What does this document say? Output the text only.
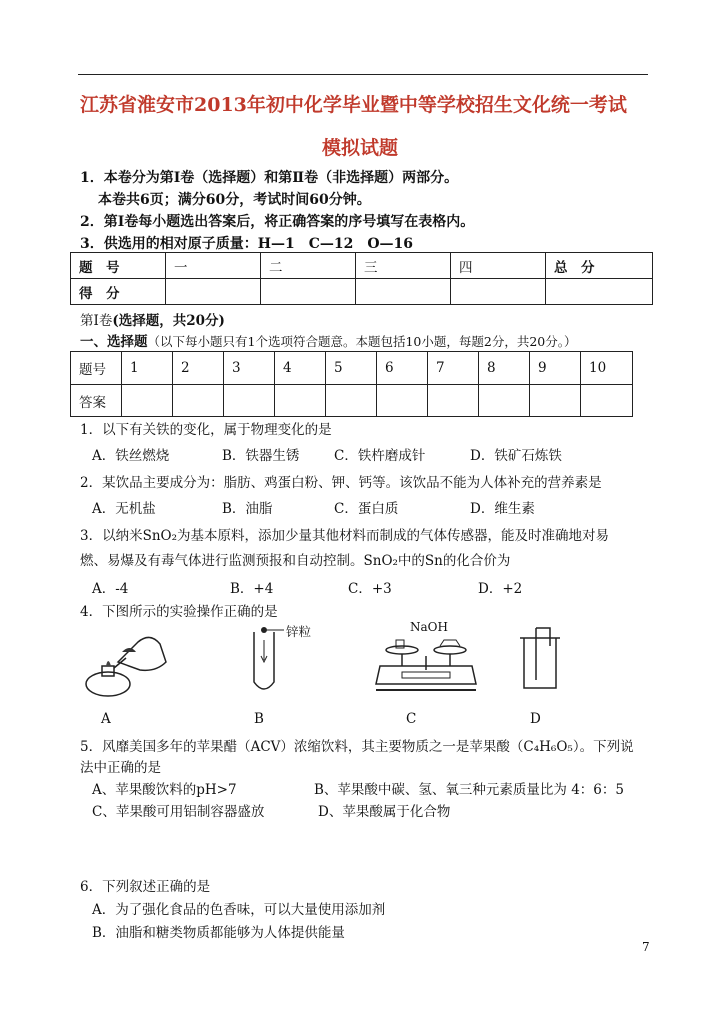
江苏省淮安市2013年初中化学毕业暨中等学校招生文化统一考试
模拟试题
1．本卷分为第Ⅰ卷（选择题）和第Ⅱ卷（非选择题）两部分。
本卷共6页；满分60分，考试时间60分钟。
2．第Ⅰ卷每小题选出答案后，将正确答案的序号填写在表格内。
3．供选用的相对原子质量：H—1　C—12　O—16
题　号	一	二	三	四	总　分
得　分					
第Ⅰ卷(选择题，共20分)
一、选择题（以下每小题只有1个选项符合题意。本题包括10小题，每题2分，共20分。）
题号	1	2	3	4	5	6	7	8	9	10
答案										
1．以下有关铁的变化，属于物理变化的是
A．铁丝燃烧	B．铁器生锈	C．铁杵磨成针	D．铁矿石炼铁
2．某饮品主要成分为：脂肪、鸡蛋白粉、钾、钙等。该饮品不能为人体补充的营养素是
A．无机盐	B．油脂	C．蛋白质	D．维生素
3．以纳米SnO₂为基本原料，添加少量其他材料而制成的气体传感器，能及时准确地对易
燃、易爆及有毒气体进行监测预报和自动控制。SnO₂中的Sn的化合价为
A．-4	B．+4	C．+3	D．+2
4．下图所示的实验操作正确的是
锌粒	NaOH
A	B	C	D
5．风靡美国多年的苹果醋（ACV）浓缩饮料，其主要物质之一是苹果酸（C₄H₆O₅）。下列说
法中正确的是
A、苹果酸饮料的pH>7	B、苹果酸中碳、氢、氧三种元素质量比为 4：6：5
C、苹果酸可用铝制容器盛放	D、苹果酸属于化合物
6．下列叙述正确的是
A．为了强化食品的色香味，可以大量使用添加剂
B．油脂和糖类物质都能够为人体提供能量
7
